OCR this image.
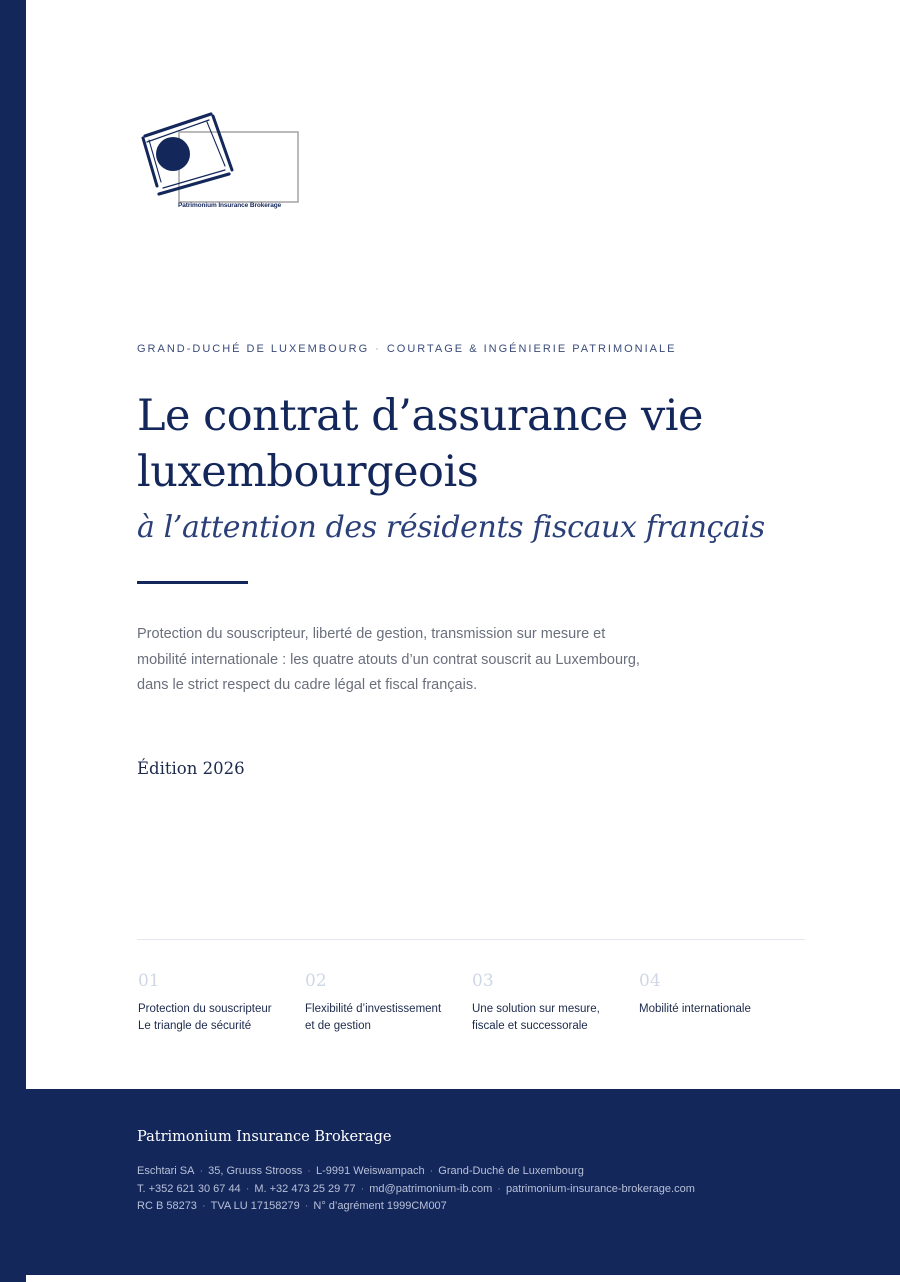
Patrimonium Insurance Brokerage
GRAND-DUCHÉ DE LUXEMBOURG · COURTAGE & INGÉNIERIE PATRIMONIALE
Le contrat d’assurance vie
luxembourgeois
à l’attention des résidents fiscaux français

Protection du souscripteur, liberté de gestion, transmission sur mesure et mobilité internationale : les quatre atouts d’un contrat souscrit au Luxembourg, dans le strict respect du cadre légal et fiscal français.

Édition 2026
01
Protection du souscripteur
Le triangle de sécurité
02
Flexibilité d’investissement
et de gestion
03
Une solution sur mesure,
fiscale et successorale
04
Mobilité internationale
Patrimonium Insurance Brokerage
Eschtari SA · 35, Gruuss Strooss · L-9991 Weiswampach · Grand-Duché de Luxembourg
T. +352 621 30 67 44 · M. +32 473 25 29 77 · md@patrimonium-ib.com · patrimonium-insurance-brokerage.com
RC B 58273 · TVA LU 17158279 · N° d’agrément 1999CM007
